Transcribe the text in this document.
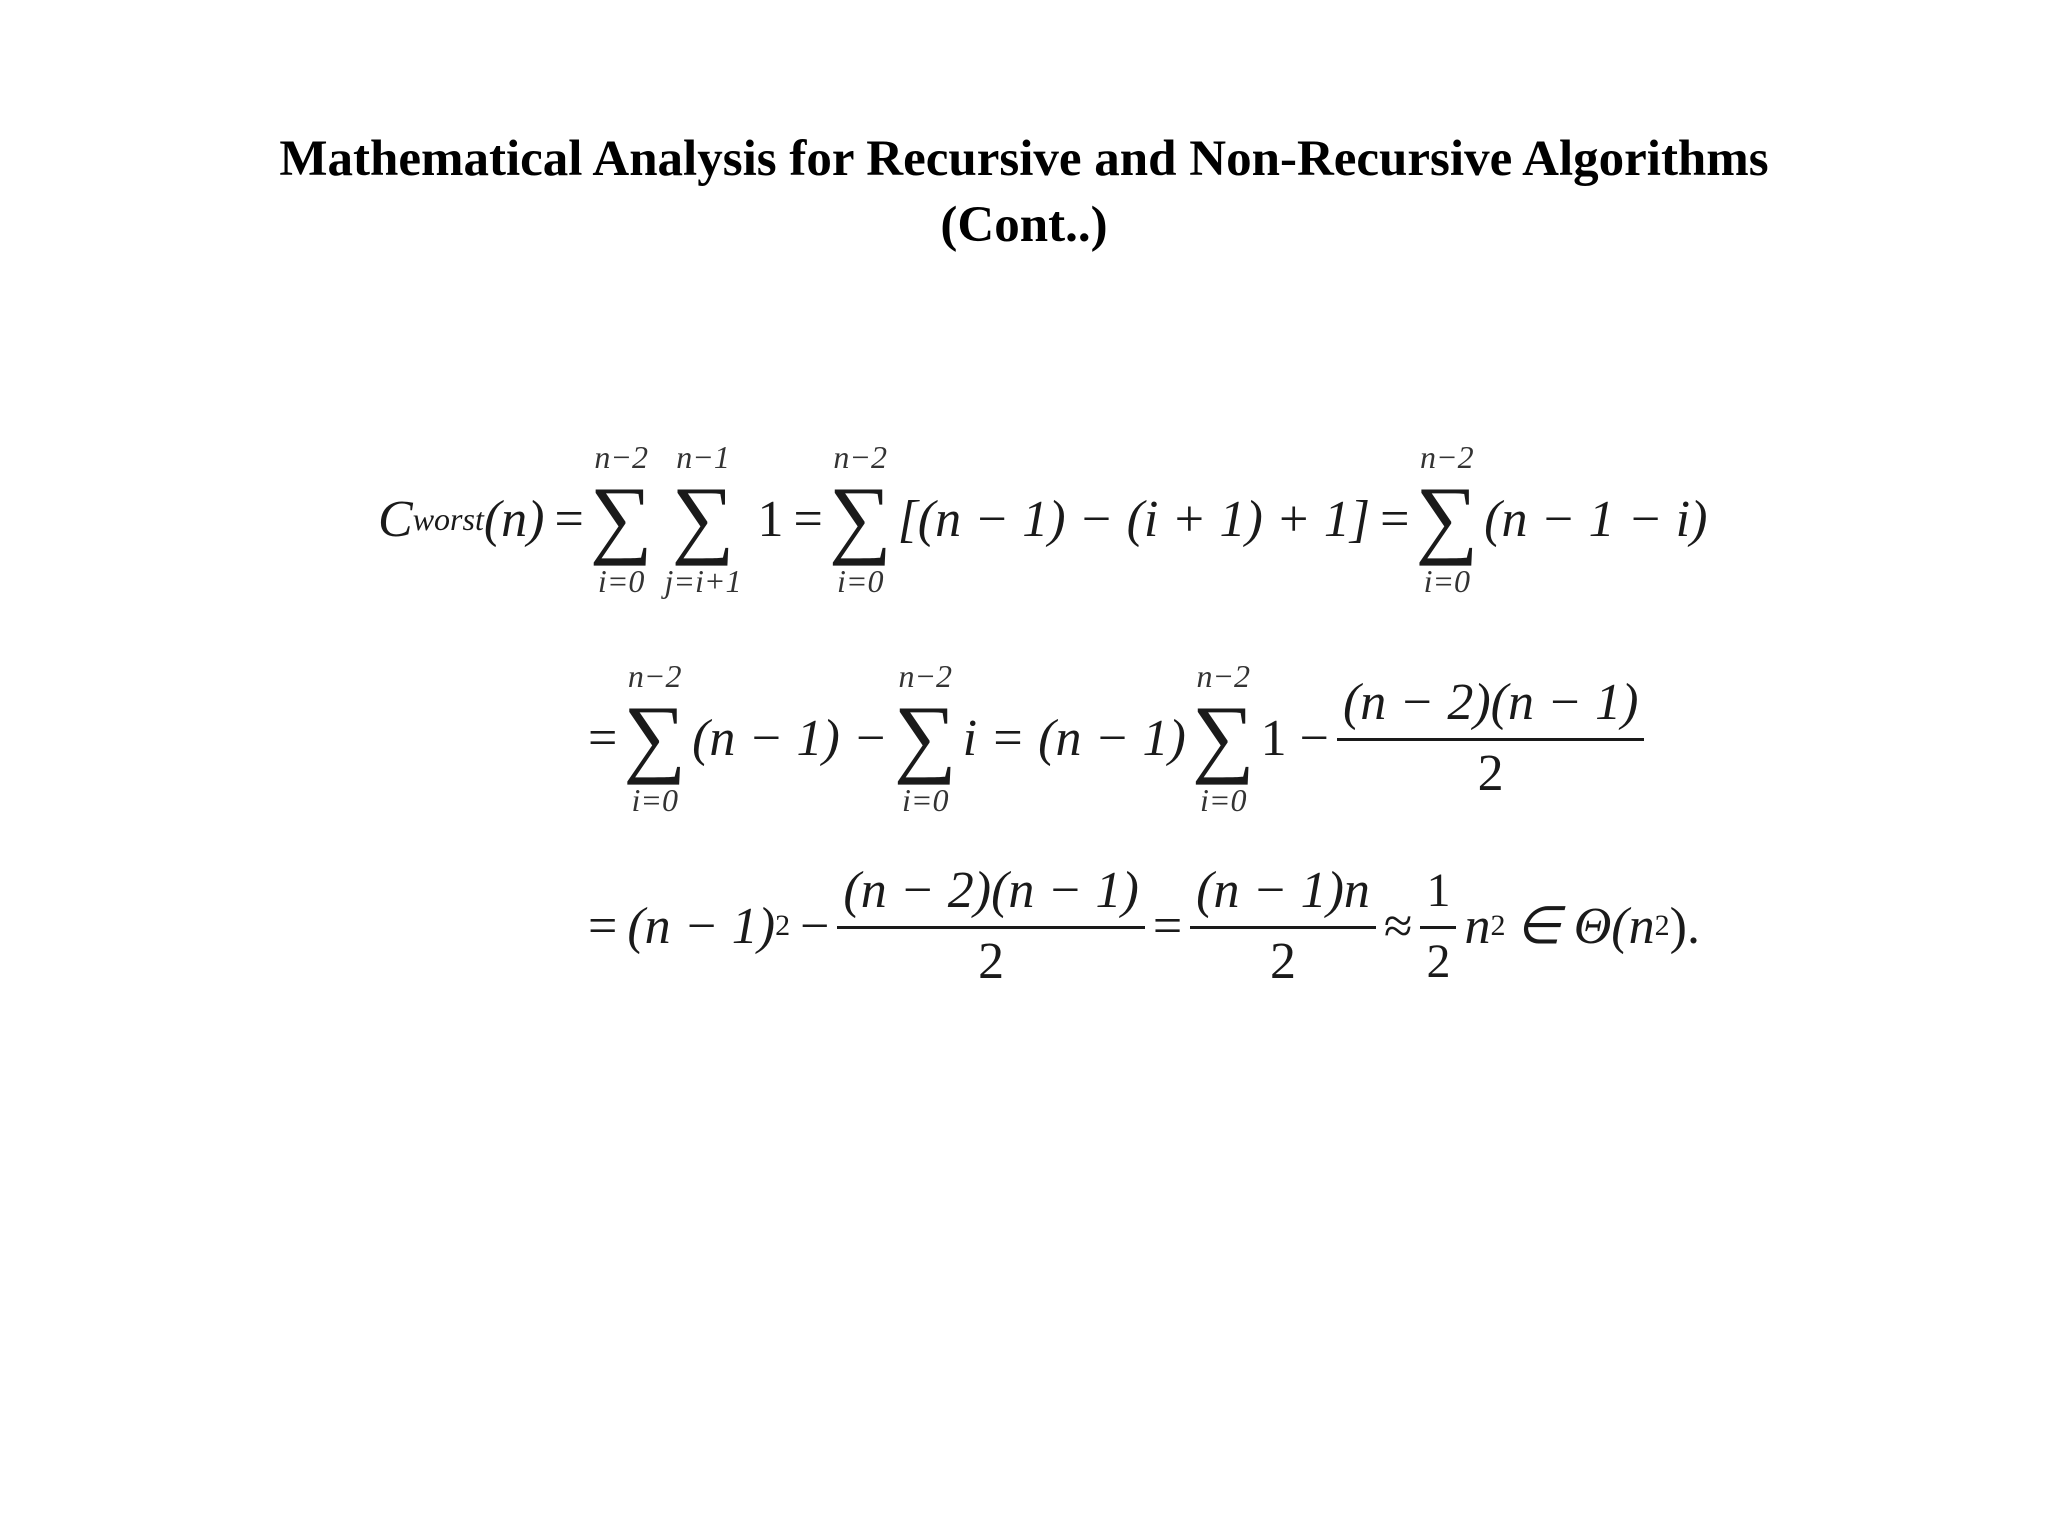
Mathematical Analysis for Recursive and Non-Recursive Algorithms
(Cont..)
C worst (n) =
n−2
∑
i=0
n−1
∑
j=i+1
1 =
n−2
∑
i=0
[(n − 1) − (i + 1) + 1] =
n−2
∑
i=0
(n − 1 − i)
=
n−2
∑
i=0
(n − 1) −
n−2
∑
i=0
i = (n − 1)
n−2
∑
i=0
$1 - \frac{(n - 2)(n - 1)}{2}$
= (n − 1) $2 - \frac{(n - 2)(n - 1)}{2} = \frac{(n - 1)n}{2} \approx \frac{1}{2}$ n 2 ∈ Θ(n 2 ).
